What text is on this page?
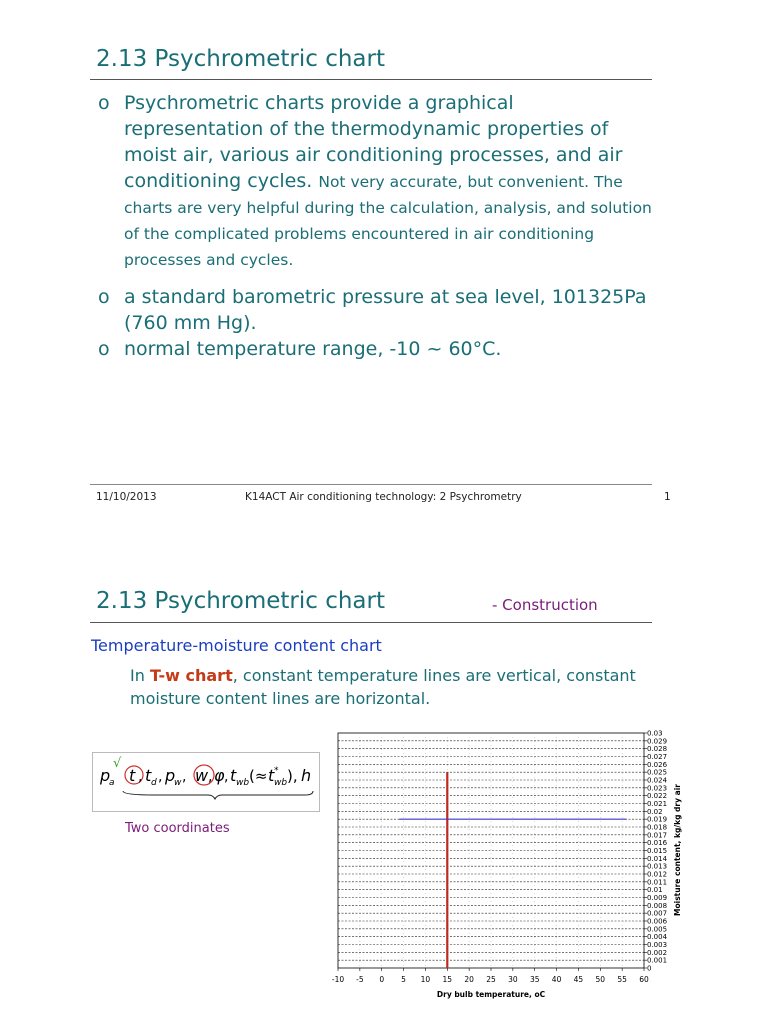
2.13 Psychrometric chart
o Psychrometric charts provide a graphical representation of the thermodynamic properties of moist air, various air conditioning processes, and air conditioning cycles. Not very accurate, but convenient. The charts are very helpful during the calculation, analysis, and solution of the complicated problems encountered in air conditioning processes and cycles.
o a standard barometric pressure at sea level, 101325Pa (760 mm Hg).
o normal temperature range, -10 ~ 60°C.
11/10/2013	K14ACT Air conditioning technology: 2 Psychrometry	1
2.13 Psychrometric chart	- Construction
Temperature-moisture content chart
In T-w chart, constant temperature lines are vertical, constant moisture content lines are horizontal.
p
a
√
t , t d , p
w , w , φ , t wb (≈ t *
wb ), h
Two coordinates
-10 -5 0 5 10 15 20 25 30 35 40 45 50 55 60
0
0.001
0.002
0.003
0.004
0.005
0.006
0.007
0.008
0.009
0.01
0.011
0.012
0.013
0.014
0.015
0.016
0.017
0.018
0.019
0.02
0.021
0.022
0.023
0.024
0.025
0.026
0.027
0.028
0.029
0.03
Dry bulb temperature, oC
Moisture content, kg/kg dry air
